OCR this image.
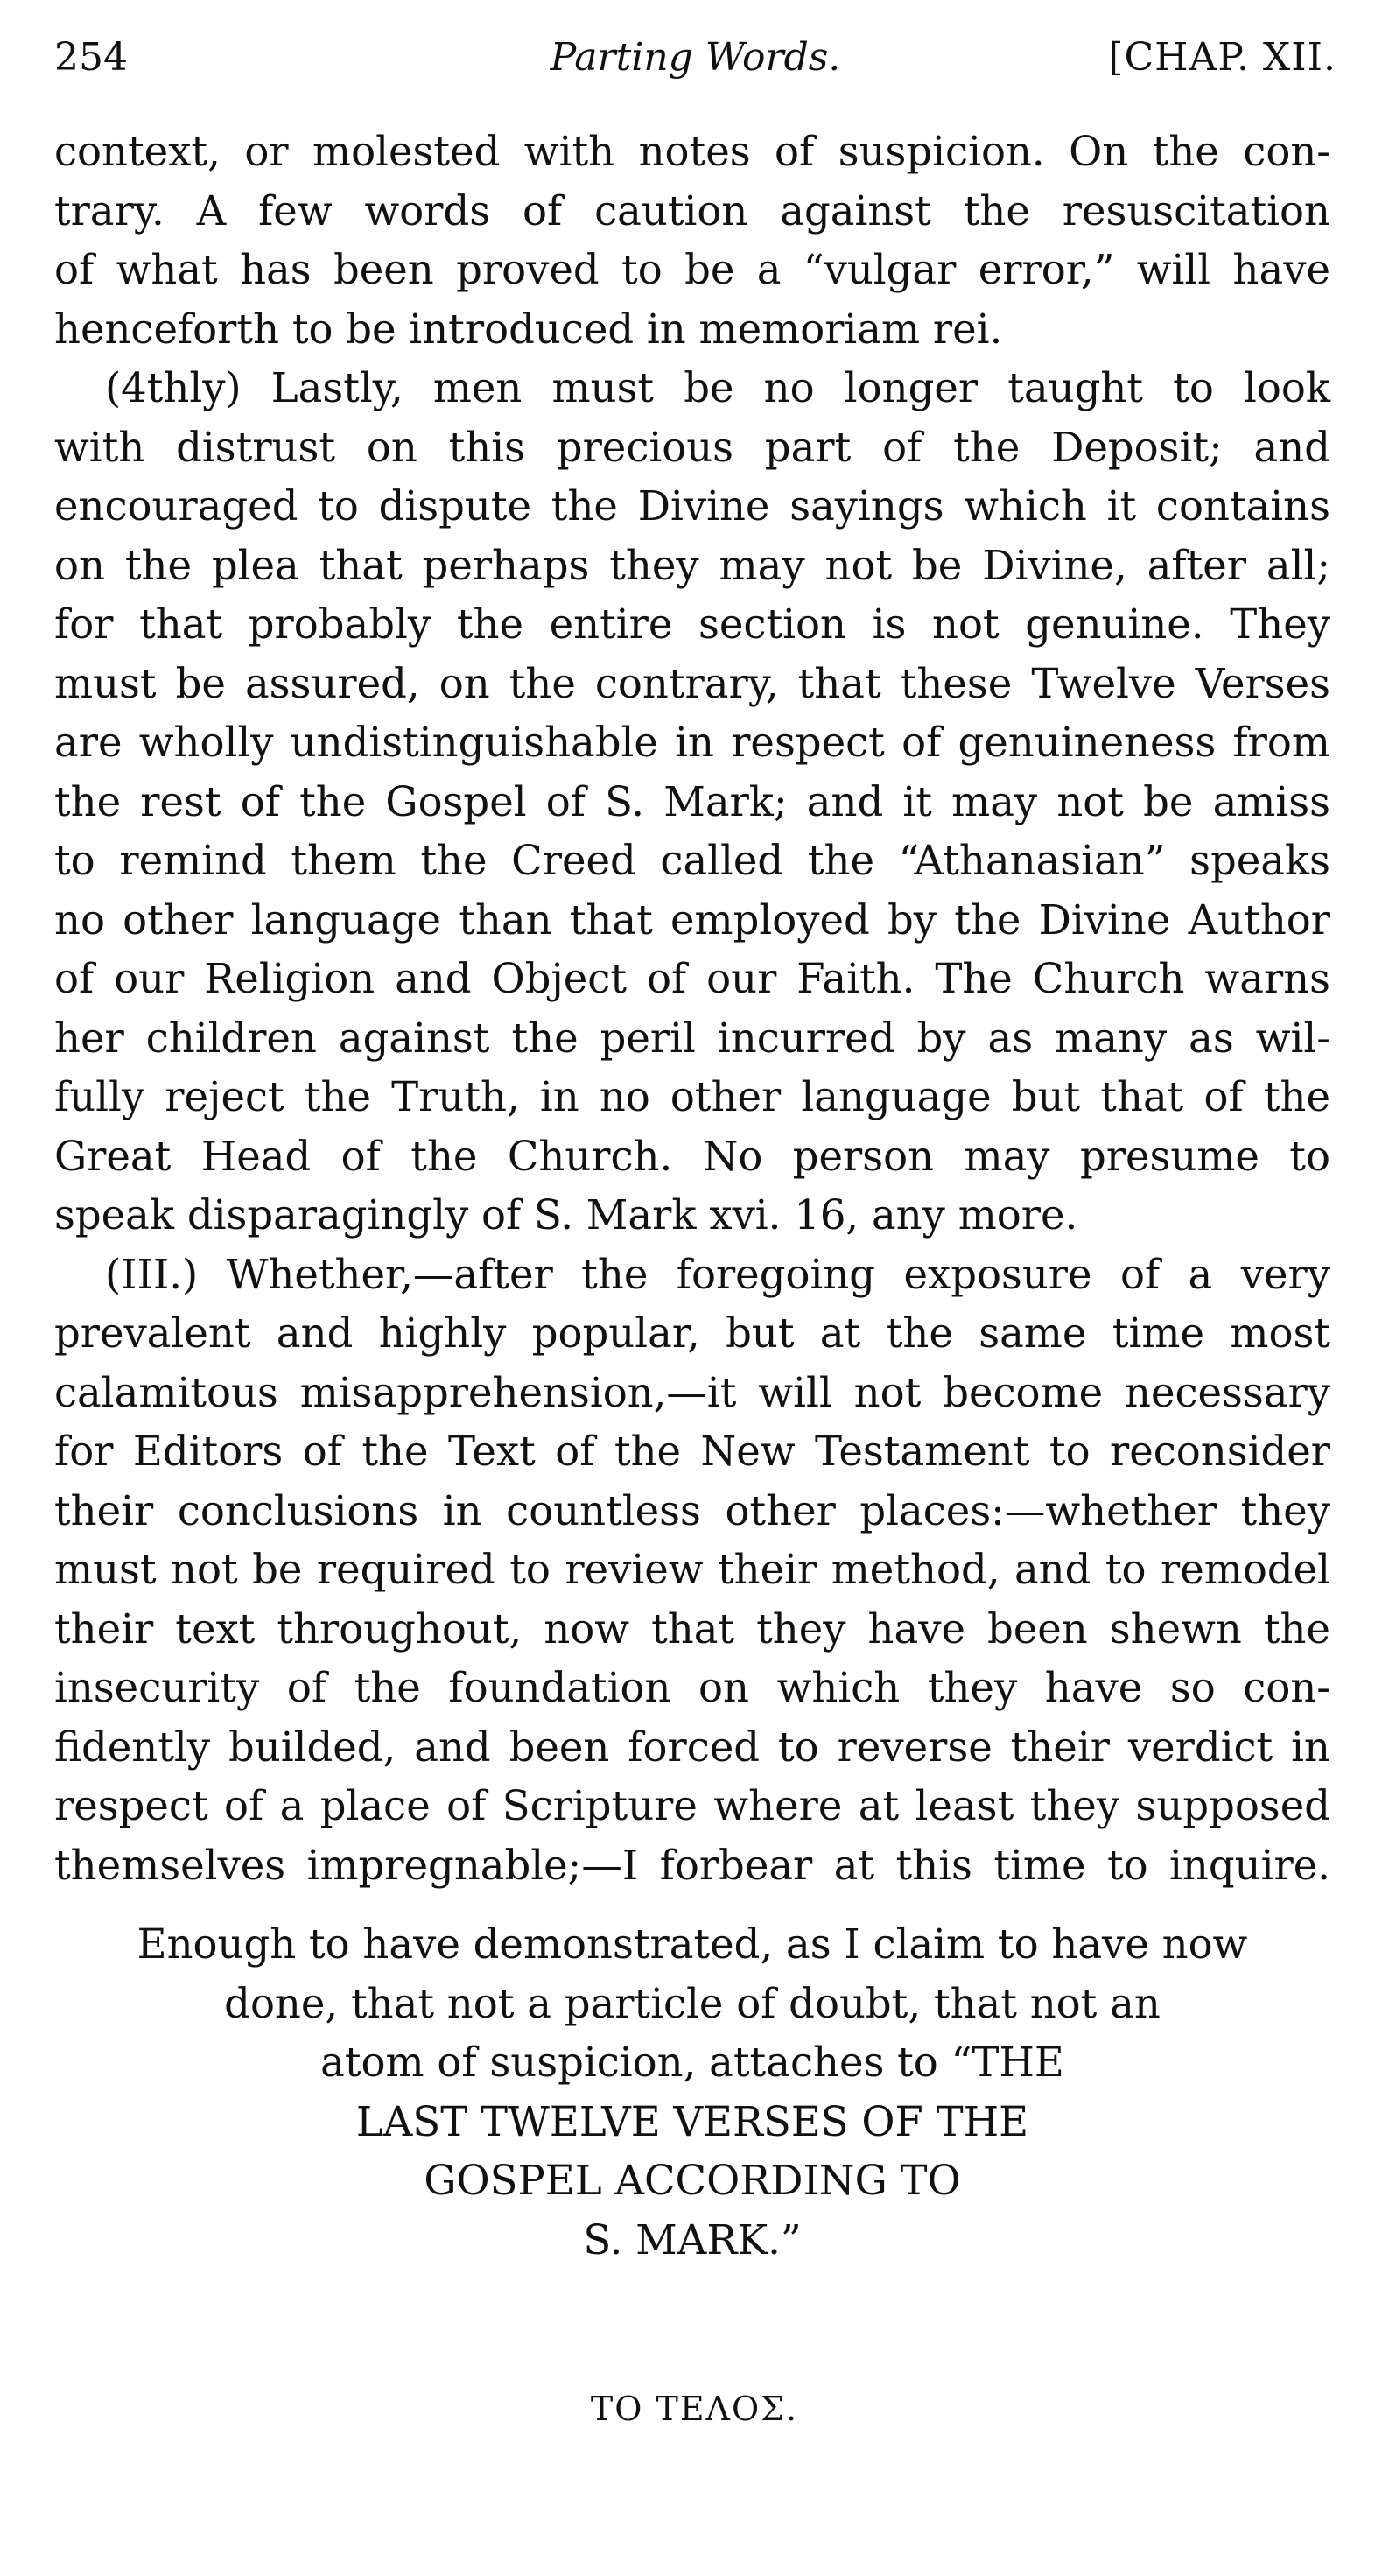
254	Parting Words.	[CHAP. XII.
context, or molested with notes of suspicion. On the con-
trary. A few words of caution against the resuscitation
of what has been proved to be a “vulgar error,” will have
henceforth to be introduced in memoriam rei.
(4thly) Lastly, men must be no longer taught to look
with distrust on this precious part of the Deposit; and
encouraged to dispute the Divine sayings which it contains
on the plea that perhaps they may not be Divine, after all;
for that probably the entire section is not genuine. They
must be assured, on the contrary, that these Twelve Verses
are wholly undistinguishable in respect of genuineness from
the rest of the Gospel of S. Mark; and it may not be amiss
to remind them the Creed called the “Athanasian” speaks
no other language than that employed by the Divine Author
of our Religion and Object of our Faith. The Church warns
her children against the peril incurred by as many as wil-
fully reject the Truth, in no other language but that of the
Great Head of the Church. No person may presume to
speak disparagingly of S. Mark xvi. 16, any more.
(III.) Whether,—after the foregoing exposure of a very
prevalent and highly popular, but at the same time most
calamitous misapprehension,—it will not become necessary
for Editors of the Text of the New Testament to reconsider
their conclusions in countless other places:—whether they
must not be required to review their method, and to remodel
their text throughout, now that they have been shewn the
insecurity of the foundation on which they have so con-
fidently builded, and been forced to reverse their verdict in
respect of a place of Scripture where at least they supposed
themselves impregnable;—I forbear at this time to inquire.
Enough to have demonstrated, as I claim to have now
done, that not a particle of doubt, that not an
atom of suspicion, attaches to “THE
LAST TWELVE VERSES OF THE
GOSPEL ACCORDING TO
S. MARK.”
ΤΟ ΤΕΛΟΣ.
